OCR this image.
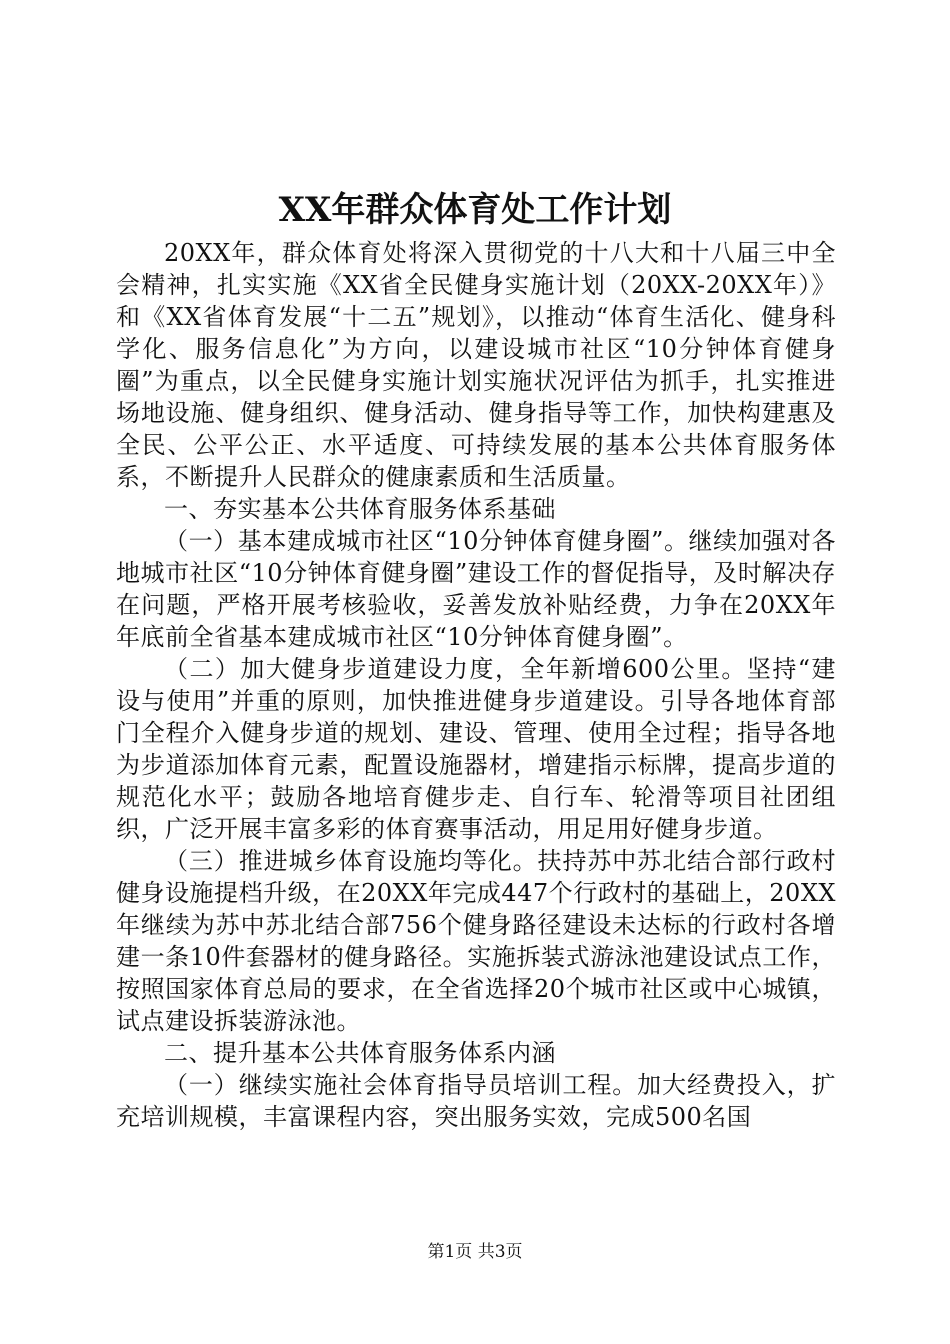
XX年群众体育处工作计划

20XX年，群众体育处将深入贯彻党的十八大和十八届三中全会精神，扎实实施《XX省全民健身实施计划（20XX-20XX年）》和《XX省体育发展“十二五”规划》，以推动“体育生活化、健身科学化、服务信息化”为方向，以建设城市社区“10分钟体育健身圈”为重点，以全民健身实施计划实施状况评估为抓手，扎实推进场地设施、健身组织、健身活动、健身指导等工作，加快构建惠及全民、公平公正、水平适度、可持续发展的基本公共体育服务体系，不断提升人民群众的健康素质和生活质量。

一、夯实基本公共体育服务体系基础

（一）基本建成城市社区“10分钟体育健身圈”。继续加强对各地城市社区“10分钟体育健身圈”建设工作的督促指导，及时解决存在问题，严格开展考核验收，妥善发放补贴经费，力争在20XX年年底前全省基本建成城市社区“10分钟体育健身圈”。

（二）加大健身步道建设力度，全年新增600公里。坚持“建设与使用”并重的原则，加快推进健身步道建设。引导各地体育部门全程介入健身步道的规划、建设、管理、使用全过程；指导各地为步道添加体育元素，配置设施器材，增建指示标牌，提高步道的规范化水平；鼓励各地培育健步走、自行车、轮滑等项目社团组织，广泛开展丰富多彩的体育赛事活动，用足用好健身步道。

（三）推进城乡体育设施均等化。扶持苏中苏北结合部行政村健身设施提档升级，在20XX年完成447个行政村的基础上，20XX年继续为苏中苏北结合部756个健身路径建设未达标的行政村各增建一条10件套器材的健身路径。实施拆装式游泳池建设试点工作，按照国家体育总局的要求，在全省选择20个城市社区或中心城镇，试点建设拆装游泳池。

二、提升基本公共体育服务体系内涵

（一）继续实施社会体育指导员培训工程。加大经费投入，扩充培训规模，丰富课程内容，突出服务实效，完成500名国

第1页 共3页
